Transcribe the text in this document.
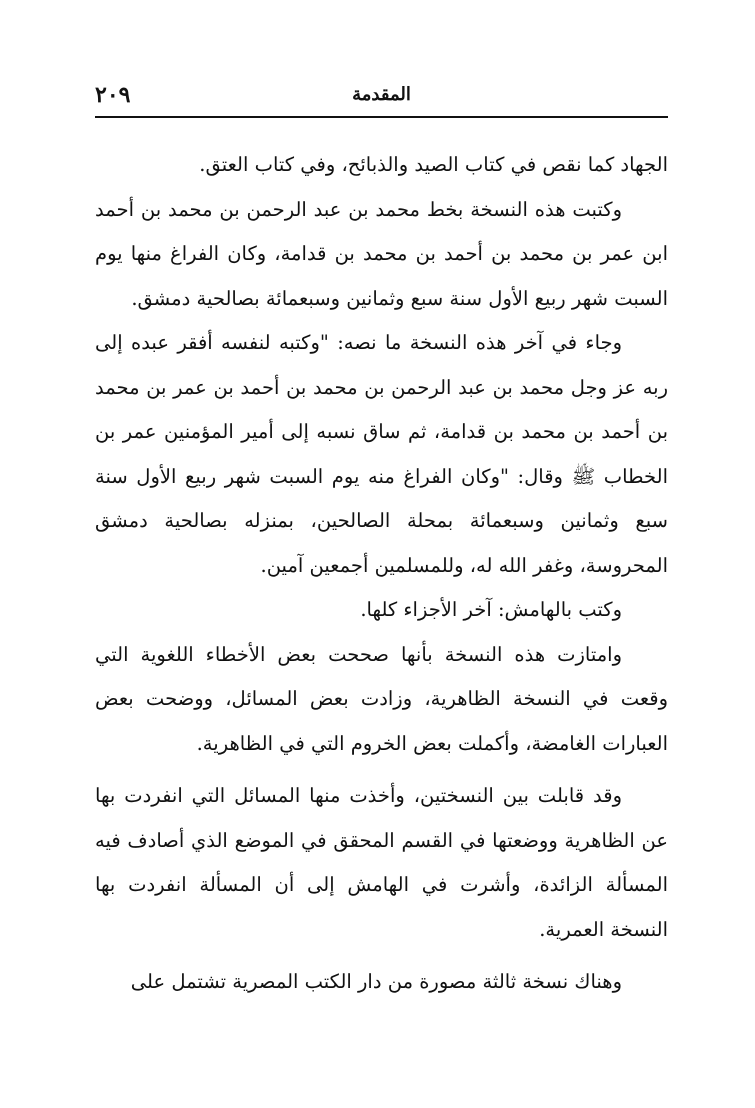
٢٠٩	المقدمة

الجهاد كما نقص في كتاب الصيد والذبائح، وفي كتاب العتق.

وكتبت هذه النسخة بخط محمد بن عبد الرحمن بن محمد بن أحمد ابن عمر بن محمد بن أحمد بن محمد بن قدامة، وكان الفراغ منها يوم السبت شهر ربيع الأول سنة سبع وثمانين وسبعمائة بصالحية دمشق.

وجاء في آخر هذه النسخة ما نصه: "وكتبه لنفسه أفقر عبده إلى ربه عز وجل محمد بن عبد الرحمن بن محمد بن أحمد بن عمر بن محمد بن أحمد بن محمد بن قدامة، ثم ساق نسبه إلى أمير المؤمنين عمر بن الخطاب ﷺ وقال: "وكان الفراغ منه يوم السبت شهر ربيع الأول سنة سبع وثمانين وسبعمائة بمحلة الصالحين، بمنزله بصالحية دمشق المحروسة، وغفر الله له، وللمسلمين أجمعين آمين.

وكتب بالهامش: آخر الأجزاء كلها.

وامتازت هذه النسخة بأنها صححت بعض الأخطاء اللغوية التي وقعت في النسخة الظاهرية، وزادت بعض المسائل، ووضحت بعض العبارات الغامضة، وأكملت بعض الخروم التي في الظاهرية.

وقد قابلت بين النسختين، وأخذت منها المسائل التي انفردت بها عن الظاهرية ووضعتها في القسم المحقق في الموضع الذي أصادف فيه المسألة الزائدة، وأشرت في الهامش إلى أن المسألة انفردت بها النسخة العمرية.

وهناك نسخة ثالثة مصورة من دار الكتب المصرية تشتمل على
